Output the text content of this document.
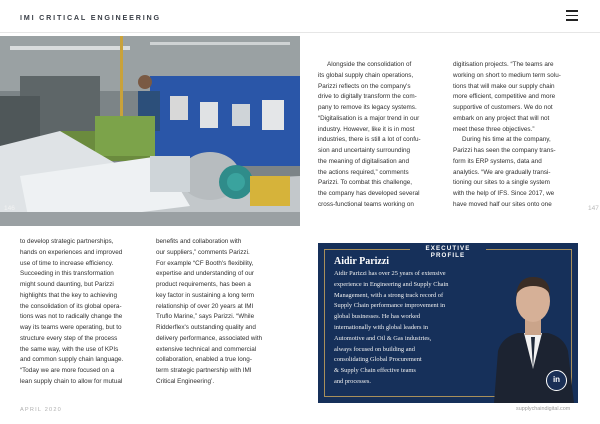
IMI CRITICAL ENGINEERING
146	147
Alongside the consolidation of
its global supply chain operations,
Parizzi reflects on the company's
drive to digitally transform the com-
pany to remove its legacy systems.
“Digitalisation is a major trend in our
industry. However, like it is in most
industries, there is still a lot of confu-
sion and uncertainty surrounding
the meaning of digitalisation and
the actions required,” comments
Parizzi. To combat this challenge,
the company has developed several
cross-functional teams working on
digitisation projects. “The teams are
working on short to medium term solu-
tions that will make our supply chain
more efficient, competitive and more
supportive of customers. We do not
embark on any project that will not
meet these three objectives.”
During his time at the company,
Parizzi has seen the company trans-
form its ERP systems, data and
analytics. “We are gradually transi-
tioning our sites to a single system
with the help of IFS. Since 2017, we
have moved half our sites onto one
to develop strategic partnerships,
hands on experiences and improved
use of time to increase efficiency.
Succeeding in this transformation
might sound daunting, but Parizzi
highlights that the key to achieving
the consolidation of its global opera-
tions was not to radically change the
way its teams were operating, but to
structure every step of the process
the same way, with the use of KPIs
and common supply chain language.
“Today we are more focused on a
lean supply chain to allow for mutual
benefits and collaboration with
our suppliers,” comments Parizzi.
For example “CF Booth's flexibility,
expertise and understanding of our
product requirements, has been a
key factor in sustaining a long term
relationship of over 20 years at IMI
Truflo Marine,” says Parizzi. “While
Ridderflex's outstanding quality and
delivery performance, associated with
extensive technical and commercial
collaboration, enabled a true long-
term strategic partnership with IMI
Critical Engineering’.
EXECUTIVE PROFILE
Aidir Parizzi
Aidir Parizzi has over 25 years of extensive
experience in Engineering and Supply Chain
Management, with a strong track record of
Supply Chain performance improvement in
global businesses. He has worked
internationally with global leaders in
Automotive and Oil & Gas industries,
always focused on building and
consolidating Global Procurement
& Supply Chain effective teams
and processes.	in
APRIL 2020	supplychaindigital.com
